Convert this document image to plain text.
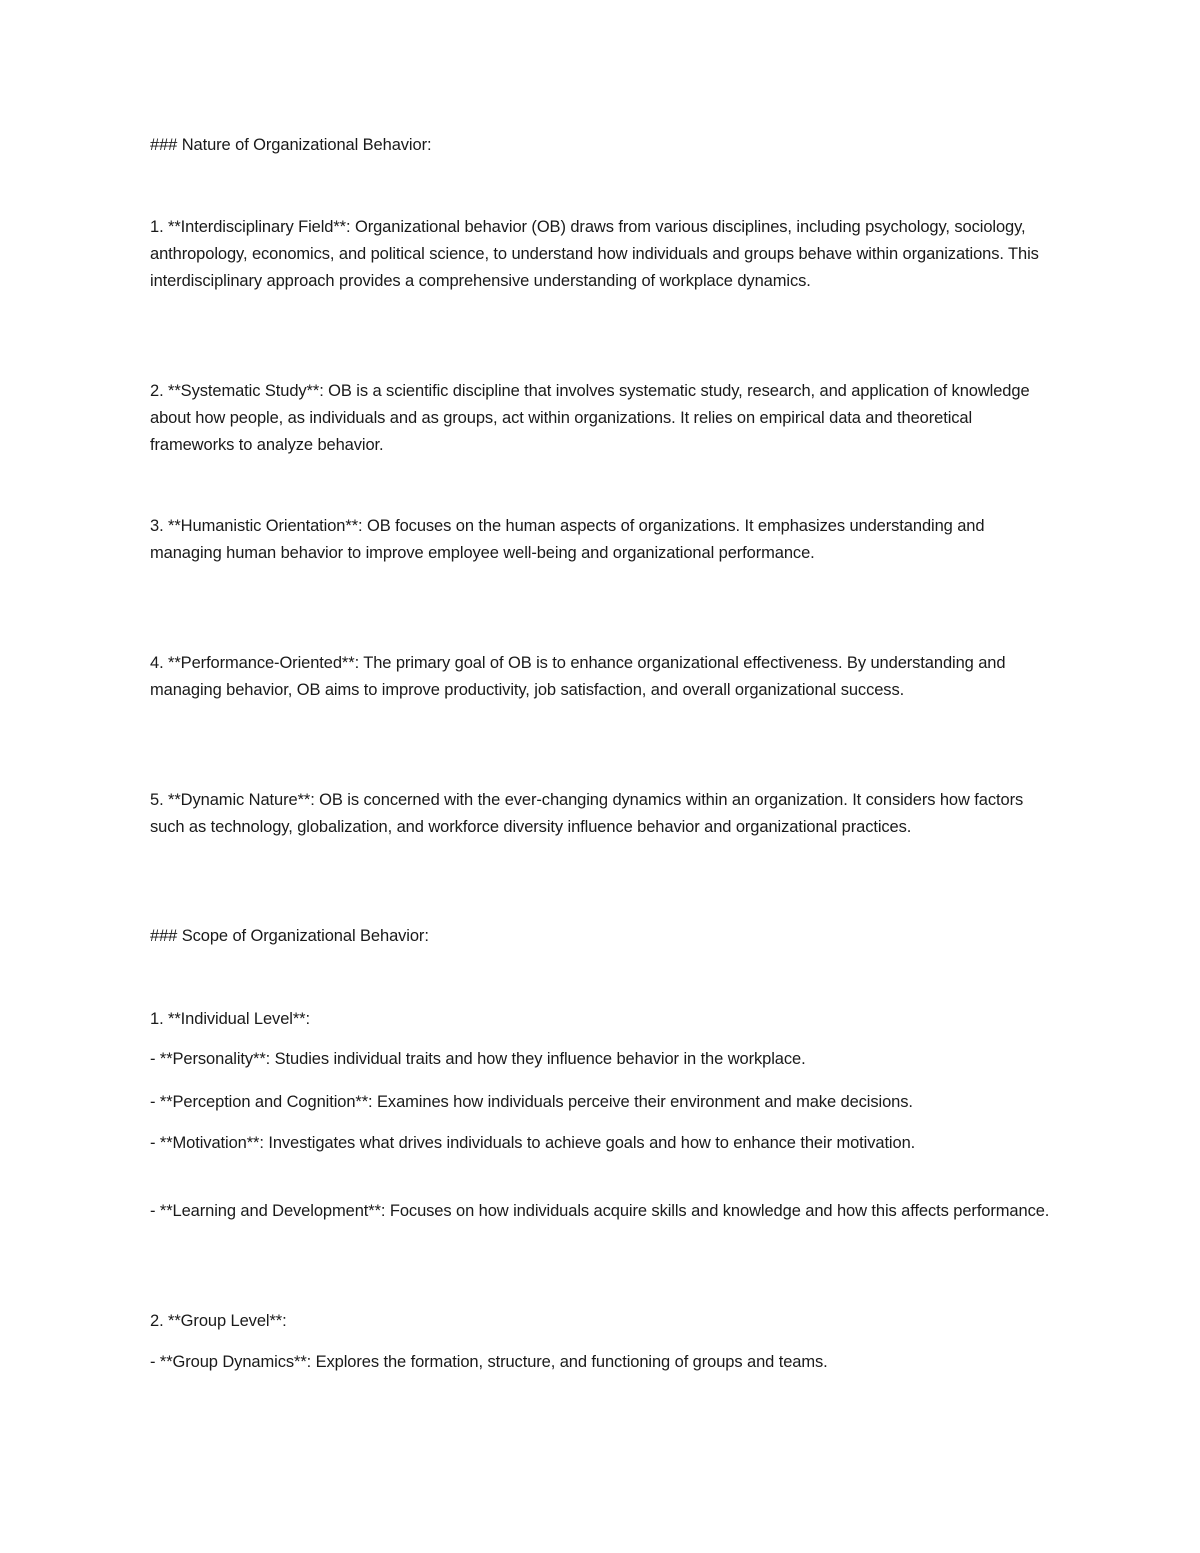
### Nature of Organizational Behavior:

1. **Interdisciplinary Field**: Organizational behavior (OB) draws from various disciplines, including psychology, sociology, anthropology, economics, and political science, to understand how individuals and groups behave within organizations. This interdisciplinary approach provides a comprehensive understanding of workplace dynamics.

2. **Systematic Study**: OB is a scientific discipline that involves systematic study, research, and application of knowledge about how people, as individuals and as groups, act within organizations. It relies on empirical data and theoretical frameworks to analyze behavior.

3. **Humanistic Orientation**: OB focuses on the human aspects of organizations. It emphasizes understanding and managing human behavior to improve employee well-being and organizational performance.

4. **Performance-Oriented**: The primary goal of OB is to enhance organizational effectiveness. By understanding and managing behavior, OB aims to improve productivity, job satisfaction, and overall organizational success.

5. **Dynamic Nature**: OB is concerned with the ever-changing dynamics within an organization. It considers how factors such as technology, globalization, and workforce diversity influence behavior and organizational practices.

### Scope of Organizational Behavior:

1. **Individual Level**:

- **Personality**: Studies individual traits and how they influence behavior in the workplace.

- **Perception and Cognition**: Examines how individuals perceive their environment and make decisions.

- **Motivation**: Investigates what drives individuals to achieve goals and how to enhance their motivation.

- **Learning and Development**: Focuses on how individuals acquire skills and knowledge and how this affects performance.

2. **Group Level**:

- **Group Dynamics**: Explores the formation, structure, and functioning of groups and teams.
